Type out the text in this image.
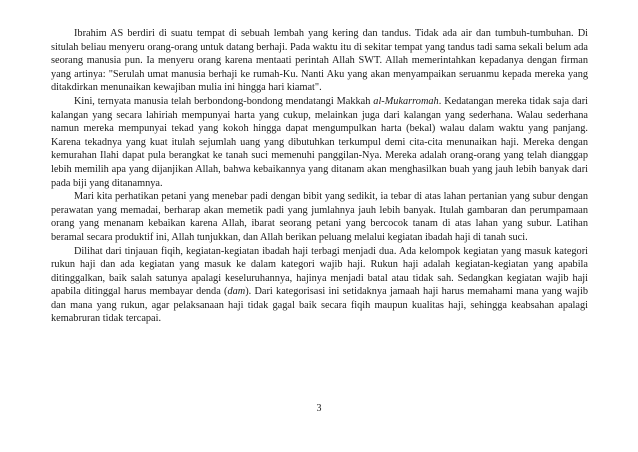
Ibrahim AS berdiri di suatu tempat di sebuah lembah yang kering dan tandus. Tidak ada air dan tumbuh-tumbuhan. Di situlah beliau menyeru orang-orang untuk datang berhaji. Pada waktu itu di sekitar tempat yang tandus tadi sama sekali belum ada seorang manusia pun. Ia menyeru orang karena mentaati perintah Allah SWT. Allah memerintahkan kepadanya dengan firman yang artinya: "Serulah umat manusia berhaji ke rumah-Ku. Nanti Aku yang akan menyampaikan seruanmu kepada mereka yang ditakdirkan menunaikan kewajiban mulia ini hingga hari kiamat".

Kini, ternyata manusia telah berbondong-bondong mendatangi Makkah al-Mukarromah. Kedatangan mereka tidak saja dari kalangan yang secara lahiriah mempunyai harta yang cukup, melainkan juga dari kalangan yang sederhana. Walau sederhana namun mereka mempunyai tekad yang kokoh hingga dapat mengumpulkan harta (bekal) walau dalam waktu yang panjang. Karena tekadnya yang kuat itulah sejumlah uang yang dibutuhkan terkumpul demi cita-cita menunaikan haji. Mereka dengan kemurahan Ilahi dapat pula berangkat ke tanah suci memenuhi panggilan-Nya. Mereka adalah orang-orang yang telah dianggap lebih memilih apa yang dijanjikan Allah, bahwa kebaikannya yang ditanam akan menghasilkan buah yang jauh lebih banyak dari pada biji yang ditanamnya.

Mari kita perhatikan petani yang menebar padi dengan bibit yang sedikit, ia tebar di atas lahan pertanian yang subur dengan perawatan yang memadai, berharap akan memetik padi yang jumlahnya jauh lebih banyak. Itulah gambaran dan perumpamaan orang yang menanam kebaikan karena Allah, ibarat seorang petani yang bercocok tanam di atas lahan yang subur. Latihan beramal secara produktif ini, Allah tunjukkan, dan Allah berikan peluang melalui kegiatan ibadah haji di tanah suci.

Dilihat dari tinjauan fiqih, kegiatan-kegiatan ibadah haji terbagi menjadi dua. Ada kelompok kegiatan yang masuk kategori rukun haji dan ada kegiatan yang masuk ke dalam kategori wajib haji. Rukun haji adalah kegiatan-kegiatan yang apabila ditinggalkan, baik salah satunya apalagi keseluruhannya, hajinya menjadi batal atau tidak sah. Sedangkan kegiatan wajib haji apabila ditinggal harus membayar denda (dam). Dari kategorisasi ini setidaknya jamaah haji harus memahami mana yang wajib dan mana yang rukun, agar pelaksanaan haji tidak gagal baik secara fiqih maupun kualitas haji, sehingga keabsahan apalagi kemabruran tidak tercapai.

3
